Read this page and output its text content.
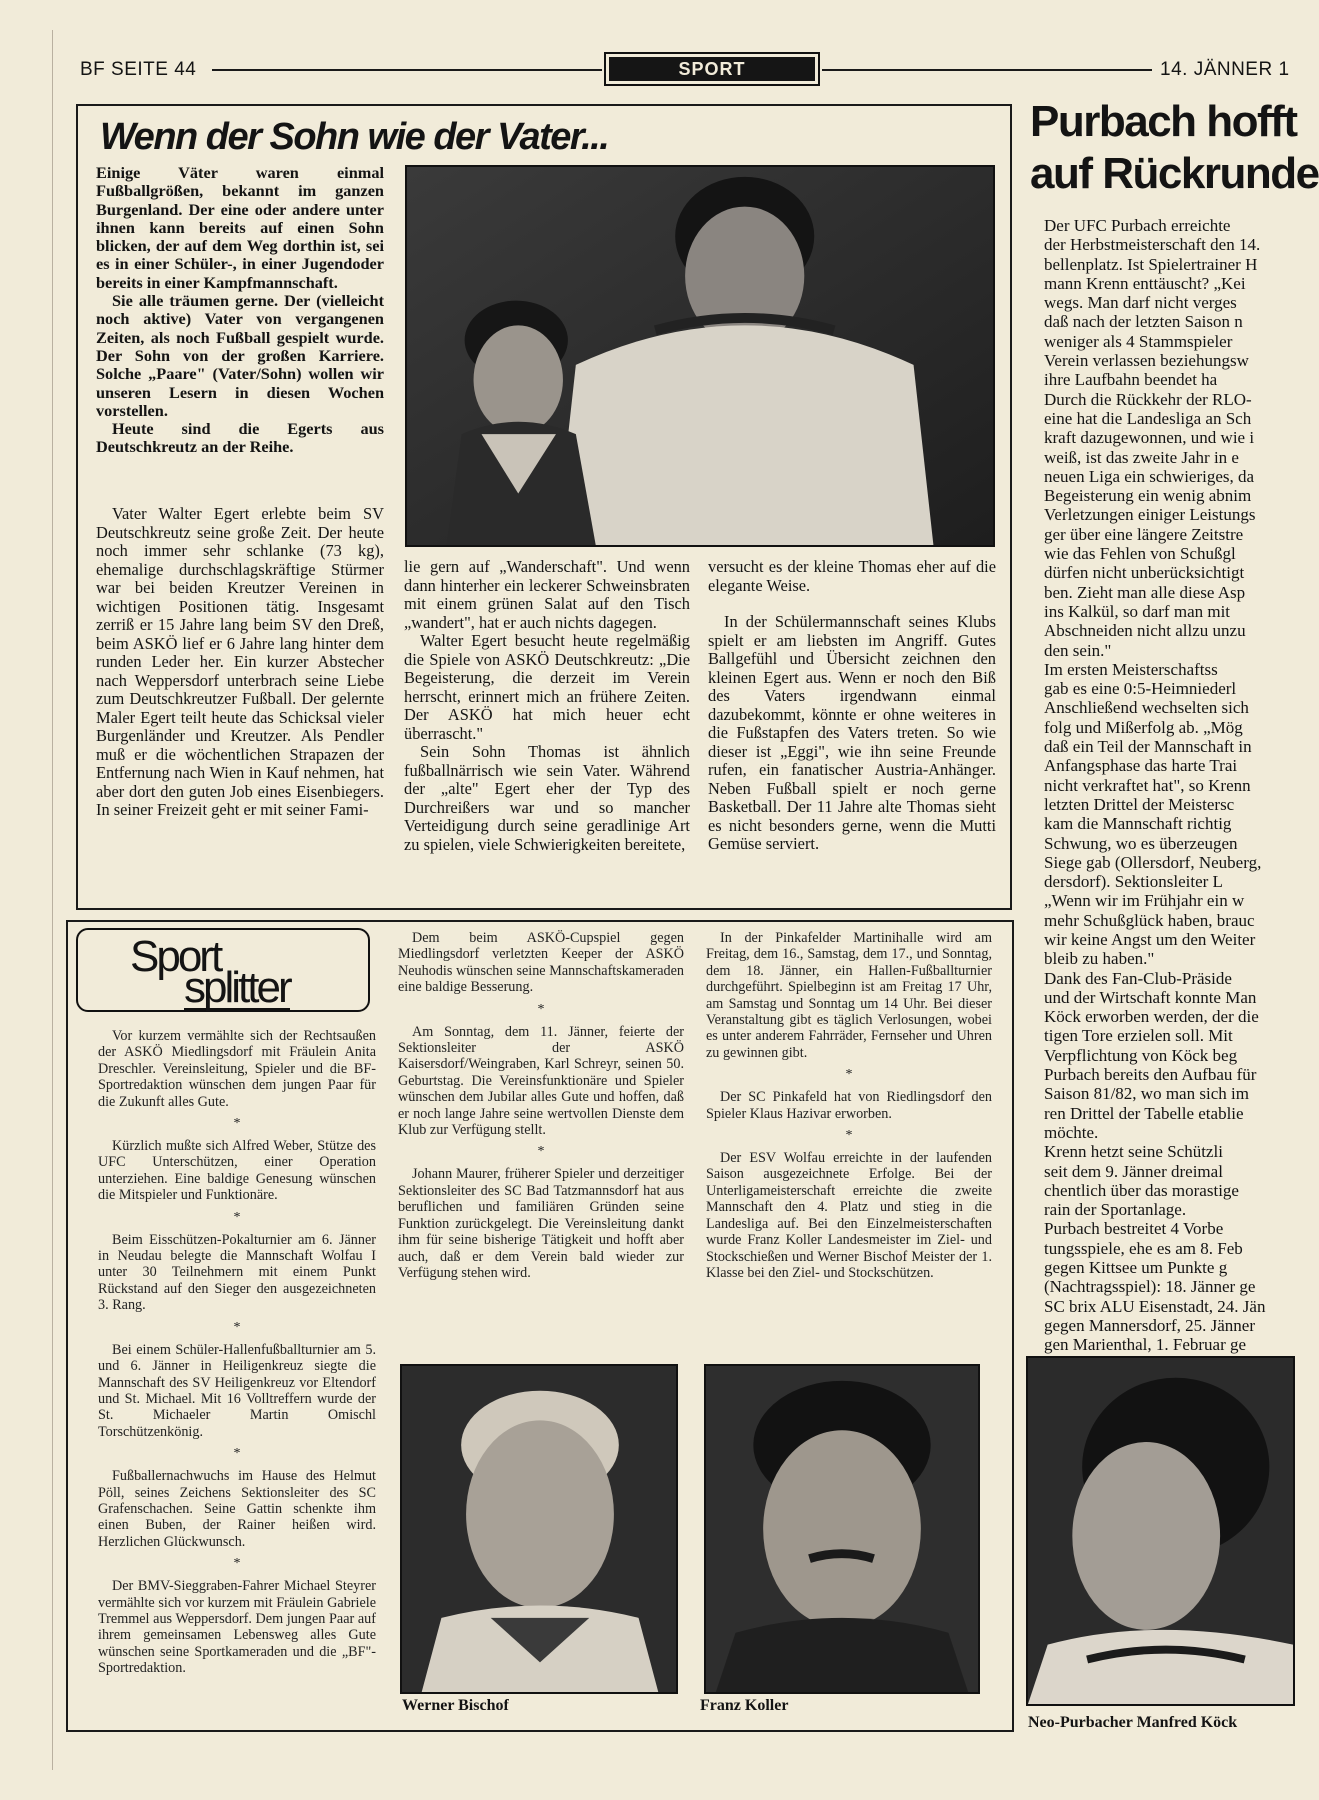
BF SEITE 44	SPORT	14. JÄNNER 1
Wenn der Sohn wie der Vater...

Einige Väter waren einmal Fußballgrößen, bekannt im ganzen Burgenland. Der eine oder andere unter ihnen kann bereits auf einen Sohn blicken, der auf dem Weg dorthin ist, sei es in einer Schüler-, in einer Jugendoder bereits in einer Kampfmannschaft.

Sie alle träumen gerne. Der (vielleicht noch aktive) Vater von vergangenen Zeiten, als noch Fußball gespielt wurde. Der Sohn von der großen Karriere. Solche „Paare" (Vater/Sohn) wollen wir unseren Lesern in diesen Wochen vorstellen.

Heute sind die Egerts aus Deutschkreutz an der Reihe.

Vater Walter Egert erlebte beim SV Deutschkreutz seine große Zeit. Der heute noch immer sehr schlanke (73 kg), ehemalige durchschlagskräftige Stürmer war bei beiden Kreutzer Vereinen in wichtigen Positionen tätig. Insgesamt zerriß er 15 Jahre lang beim SV den Dreß, beim ASKÖ lief er 6 Jahre lang hinter dem runden Leder her. Ein kurzer Abstecher nach Weppersdorf unterbrach seine Liebe zum Deutschkreutzer Fußball. Der gelernte Maler Egert teilt heute das Schicksal vieler Burgenländer und Kreutzer. Als Pendler muß er die wöchentlichen Strapazen der Entfernung nach Wien in Kauf nehmen, hat aber dort den guten Job eines Eisenbiegers. In seiner Freizeit geht er mit seiner Fami-

lie gern auf „Wanderschaft". Und wenn dann hinterher ein leckerer Schweinsbraten mit einem grünen Salat auf den Tisch „wandert", hat er auch nichts dagegen.

Walter Egert besucht heute regelmäßig die Spiele von ASKÖ Deutschkreutz: „Die Begeisterung, die derzeit im Verein herrscht, erinnert mich an frühere Zeiten. Der ASKÖ hat mich heuer echt überrascht."

Sein Sohn Thomas ist ähnlich fußballnärrisch wie sein Vater. Während der „alte" Egert eher der Typ des Durchreißers war und so mancher Verteidigung durch seine geradlinige Art zu spielen, viele Schwierigkeiten bereitete,

versucht es der kleine Thomas eher auf die elegante Weise.

In der Schülermannschaft seines Klubs spielt er am liebsten im Angriff. Gutes Ballgefühl und Übersicht zeichnen den kleinen Egert aus. Wenn er noch den Biß des Vaters irgendwann einmal dazubekommt, könnte er ohne weiteres in die Fußstapfen des Vaters treten. So wie dieser ist „Eggi", wie ihn seine Freunde rufen, ein fanatischer Austria-Anhänger. Neben Fußball spielt er noch gerne Basketball. Der 11 Jahre alte Thomas sieht es nicht besonders gerne, wenn die Mutti Gemüse serviert.

Purbach hofft
auf Rückrunde

Der UFC Purbach erreichte

der Herbstmeisterschaft den 14.

bellenplatz. Ist Spielertrainer H

mann Krenn enttäuscht? „Kei

wegs. Man darf nicht verges

daß nach der letzten Saison n

weniger als 4 Stammspieler

Verein verlassen beziehungsw

ihre Laufbahn beendet ha

Durch die Rückkehr der RLO-

eine hat die Landesliga an Sch

kraft dazugewonnen, und wie i

weiß, ist das zweite Jahr in e

neuen Liga ein schwieriges, da

Begeisterung ein wenig abnim

Verletzungen einiger Leistungs

ger über eine längere Zeitstre

wie das Fehlen von Schußgl

dürfen nicht unberücksichtigt

ben. Zieht man alle diese Asp

ins Kalkül, so darf man mit

Abschneiden nicht allzu unzu

den sein."

Im ersten Meisterschaftss

gab es eine 0:5-Heimniederl

Anschließend wechselten sich

folg und Mißerfolg ab. „Mög

daß ein Teil der Mannschaft in

Anfangsphase das harte Trai

nicht verkraftet hat", so Krenn

letzten Drittel der Meistersc

kam die Mannschaft richtig

Schwung, wo es überzeugen

Siege gab (Ollersdorf, Neuberg,

dersdorf). Sektionsleiter L

„Wenn wir im Frühjahr ein w

mehr Schußglück haben, brauc

wir keine Angst um den Weiter

bleib zu haben."

Dank des Fan-Club-Präside

und der Wirtschaft konnte Man

Köck erworben werden, der die

tigen Tore erzielen soll. Mit

Verpflichtung von Köck beg

Purbach bereits den Aufbau für

Saison 81/82, wo man sich im

ren Drittel der Tabelle etablie

möchte.

Krenn hetzt seine Schützli

seit dem 9. Jänner dreimal

chentlich über das morastige

rain der Sportanlage.

Purbach bestreitet 4 Vorbe

tungsspiele, ehe es am 8. Feb

gegen Kittsee um Punkte g

(Nachtragsspiel): 18. Jänner ge

SC brix ALU Eisenstadt, 24. Jän

gegen Mannersdorf, 25. Jänner

gen Marienthal, 1. Februar ge

Neo-Purbacher Manfred Köck
Sport
splitter

Vor kurzem vermählte sich der Rechtsaußen der ASKÖ Miedlingsdorf mit Fräulein Anita Dreschler. Vereinsleitung, Spieler und die BF-Sportredaktion wünschen dem jungen Paar für die Zukunft alles Gute.

*

Kürzlich mußte sich Alfred Weber, Stütze des UFC Unterschützen, einer Operation unterziehen. Eine baldige Genesung wünschen die Mitspieler und Funktionäre.

*

Beim Eisschützen-Pokalturnier am 6. Jänner in Neudau belegte die Mannschaft Wolfau I unter 30 Teilnehmern mit einem Punkt Rückstand auf den Sieger den ausgezeichneten 3. Rang.

*

Bei einem Schüler-Hallenfußballturnier am 5. und 6. Jänner in Heiligenkreuz siegte die Mannschaft des SV Heiligenkreuz vor Eltendorf und St. Michael. Mit 16 Volltreffern wurde der St. Michaeler Martin Omischl Torschützenkönig.

*

Fußballernachwuchs im Hause des Helmut Pöll, seines Zeichens Sektionsleiter des SC Grafenschachen. Seine Gattin schenkte ihm einen Buben, der Rainer heißen wird. Herzlichen Glückwunsch.

*

Der BMV-Sieggraben-Fahrer Michael Steyrer vermählte sich vor kurzem mit Fräulein Gabriele Tremmel aus Weppersdorf. Dem jungen Paar auf ihrem gemeinsamen Lebensweg alles Gute wünschen seine Sportkameraden und die „BF"-Sportredaktion.

Dem beim ASKÖ-Cupspiel gegen Miedlingsdorf verletzten Keeper der ASKÖ Neuhodis wünschen seine Mannschaftskameraden eine baldige Besserung.

*

Am Sonntag, dem 11. Jänner, feierte der Sektionsleiter der ASKÖ Kaisersdorf/Weingraben, Karl Schreyr, seinen 50. Geburtstag. Die Vereinsfunktionäre und Spieler wünschen dem Jubilar alles Gute und hoffen, daß er noch lange Jahre seine wertvollen Dienste dem Klub zur Verfügung stellt.

*

Johann Maurer, früherer Spieler und derzeitiger Sektionsleiter des SC Bad Tatzmannsdorf hat aus beruflichen und familiären Gründen seine Funktion zurückgelegt. Die Vereinsleitung dankt ihm für seine bisherige Tätigkeit und hofft aber auch, daß er dem Verein bald wieder zur Verfügung stehen wird.

In der Pinkafelder Martinihalle wird am Freitag, dem 16., Samstag, dem 17., und Sonntag, dem 18. Jänner, ein Hallen-Fußballturnier durchgeführt. Spielbeginn ist am Freitag 17 Uhr, am Samstag und Sonntag um 14 Uhr. Bei dieser Veranstaltung gibt es täglich Verlosungen, wobei es unter anderem Fahrräder, Fernseher und Uhren zu gewinnen gibt.

*

Der SC Pinkafeld hat von Riedlingsdorf den Spieler Klaus Hazivar erworben.

*

Der ESV Wolfau erreichte in der laufenden Saison ausgezeichnete Erfolge. Bei der Unterligameisterschaft erreichte die zweite Mannschaft den 4. Platz und stieg in die Landesliga auf. Bei den Einzelmeisterschaften wurde Franz Koller Landesmeister im Ziel- und Stockschießen und Werner Bischof Meister der 1. Klasse bei den Ziel- und Stockschützen.

Werner Bischof	Franz Koller
